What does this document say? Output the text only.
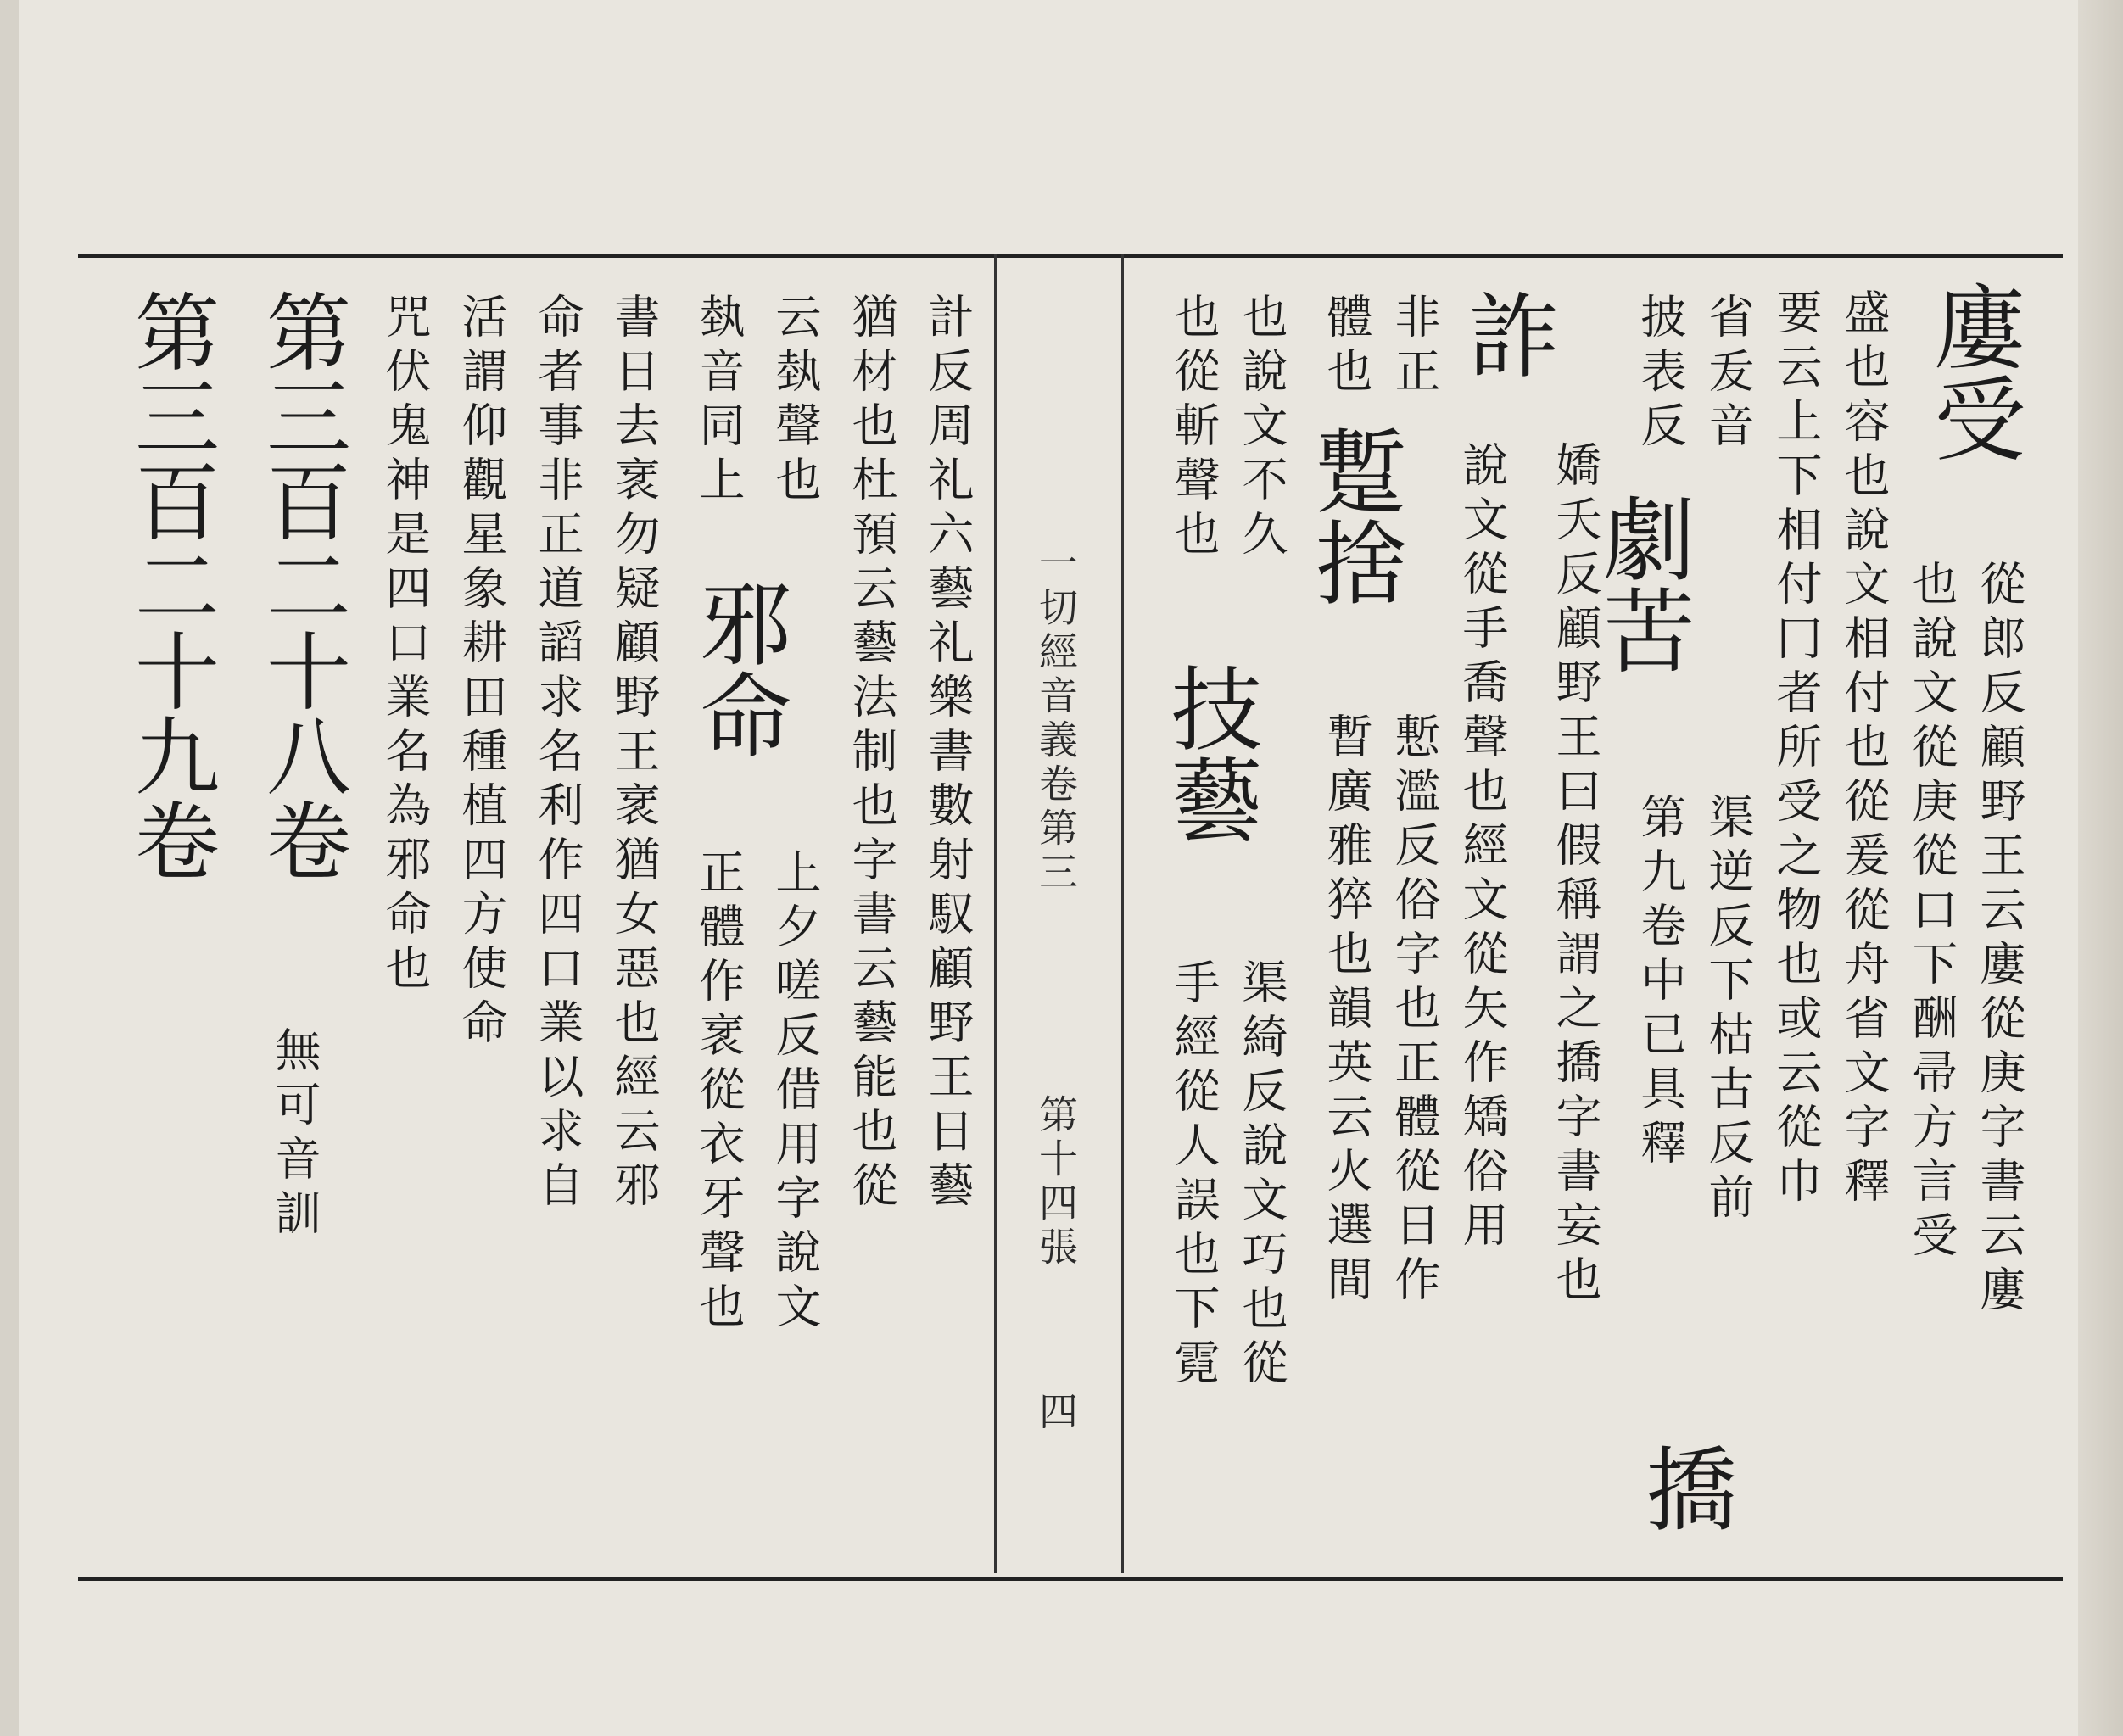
廔受
從郎反顧野王云廔從庚字書云廔
也說文從庚從口下酬帚方言受
盛也容也說文相付也從爰從舟省文字釋
要云上下相付冂者所受之物也或云從巾
省叐音
披表反
劇苦
渠逆反下枯古反前
第九卷中已具釋
撟
詐
嬌夭反顧野王曰假稱謂之撟字書妄也
說文從手喬聲也經文從矢作矯俗用
非正
體也
蹔捨
慙濫反俗字也正體從日作
暫廣雅猝也韻英云火選間
也說文不久
也從斬聲也
技藝
渠綺反說文巧也從
手經從人誤也下霓
一切經音義卷第三
第十四張
四
計反周礼六藝礼樂書數射馭顧野王日藝
猶材也杜預云藝法制也字書云藝能也從
云埶聲也
埶音同上
邪命
上夕嗟反借用字說文
正體作衺從衣牙聲也
書日去衺勿疑顧野王衺猶女惡也經云邪
命者事非正道謟求名利作四口業以求自
活謂仰觀星象耕田種植四方使命
咒伏鬼神是四口業名為邪命也
第三百二十八卷
無可音訓
第三百二十九卷
